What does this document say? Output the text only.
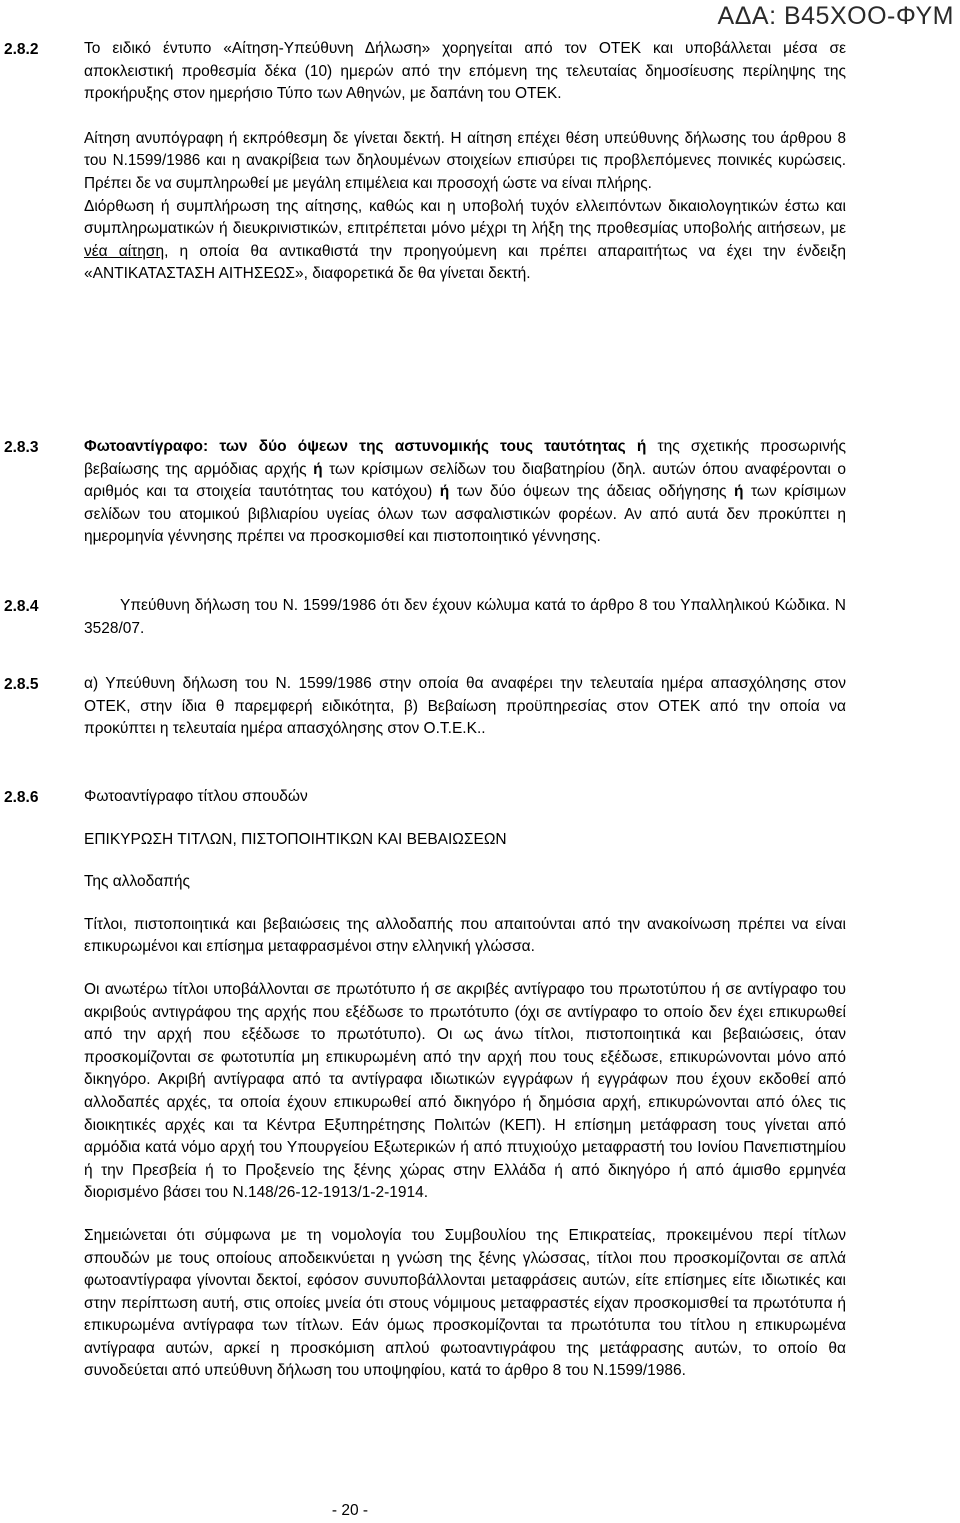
ΑΔΑ: Β45ΧΟΟ-ΦΥΜ
2.8.2	Το ειδικό έντυπο «Αίτηση-Υπεύθυνη Δήλωση» χορηγείται από τον ΟΤΕΚ και υποβάλλεται μέσα σε αποκλειστική προθεσμία δέκα (10) ημερών από την επόμενη της τελευταίας δημοσίευσης περίληψης της προκήρυξης στον ημερήσιο Τύπο των Αθηνών, με δαπάνη του ΟΤΕΚ.

Αίτηση ανυπόγραφη ή εκπρόθεσμη δε γίνεται δεκτή. Η αίτηση επέχει θέση υπεύθυνης δήλωσης του άρθρου 8 του Ν.1599/1986 και η ανακρίβεια των δηλουμένων στοιχείων επισύρει τις προβλεπόμενες ποινικές κυρώσεις. Πρέπει δε να συμπληρωθεί με μεγάλη επιμέλεια και προσοχή ώστε να είναι πλήρης.

Διόρθωση ή συμπλήρωση της αίτησης, καθώς και η υποβολή τυχόν ελλειπόντων δικαιολογητικών έστω και συμπληρωματικών ή διευκρινιστικών, επιτρέπεται μόνο μέχρι τη λήξη της προθεσμίας υποβολής αιτήσεων, με νέα αίτηση, η οποία θα αντικαθιστά την προηγούμενη και πρέπει απαραιτήτως να έχει την ένδειξη «ΑΝΤΙΚΑΤΑΣΤΑΣΗ ΑΙΤΗΣΕΩΣ», διαφορετικά δε θα γίνεται δεκτή.

2.8.3	Φωτοαντίγραφο: των δύο όψεων της αστυνομικής τους ταυτότητας ή της σχετικής προσωρινής βεβαίωσης της αρμόδιας αρχής ή των κρίσιμων σελίδων του διαβατηρίου (δηλ. αυτών όπου αναφέρονται ο αριθμός και τα στοιχεία ταυτότητας του κατόχου) ή των δύο όψεων της άδειας οδήγησης ή των κρίσιμων σελίδων του ατομικού βιβλιαρίου υγείας όλων των ασφαλιστικών φορέων. Αν από αυτά δεν προκύπτει η ημερομηνία γέννησης πρέπει να προσκομισθεί και πιστοποιητικό γέννησης.

2.8.4	Υπεύθυνη δήλωση του Ν. 1599/1986 ότι δεν έχουν κώλυμα κατά το άρθρο 8 του Υπαλληλικού Κώδικα. Ν 3528/07.

2.8.5	α) Υπεύθυνη δήλωση του Ν. 1599/1986 στην οποία θα αναφέρει την τελευταία ημέρα απασχόλησης στον ΟΤΕΚ, στην ίδια θ παρεμφερή ειδικότητα, β) Βεβαίωση προϋπηρεσίας στον ΟΤΕΚ από την οποία να προκύπτει η τελευταία ημέρα απασχόλησης στον Ο.Τ.Ε.Κ..

2.8.6	Φωτοαντίγραφο τίτλου σπουδών

ΕΠΙΚΥΡΩΣΗ ΤΙΤΛΩΝ, ΠΙΣΤΟΠΟΙΗΤΙΚΩΝ ΚΑΙ ΒΕΒΑΙΩΣΕΩΝ

Της αλλοδαπής

Τίτλοι, πιστοποιητικά και βεβαιώσεις της αλλοδαπής που απαιτούνται από την ανακοίνωση πρέπει να είναι επικυρωμένοι και επίσημα μεταφρασμένοι στην ελληνική γλώσσα.

Οι ανωτέρω τίτλοι υποβάλλονται σε πρωτότυπο ή σε ακριβές αντίγραφο του πρωτοτύπου ή σε αντίγραφο του ακριβούς αντιγράφου της αρχής που εξέδωσε το πρωτότυπο (όχι σε αντίγραφο το οποίο δεν έχει επικυρωθεί από την αρχή που εξέδωσε το πρωτότυπο). Οι ως άνω τίτλοι, πιστοποιητικά και βεβαιώσεις, όταν προσκομίζονται σε φωτοτυπία μη επικυρωμένη από την αρχή που τους εξέδωσε, επικυρώνονται μόνο από δικηγόρο. Ακριβή αντίγραφα από τα αντίγραφα ιδιωτικών εγγράφων ή εγγράφων που έχουν εκδοθεί από αλλοδαπές αρχές, τα οποία έχουν επικυρωθεί από δικηγόρο ή δημόσια αρχή, επικυρώνονται από όλες τις διοικητικές αρχές και τα Κέντρα Εξυπηρέτησης Πολιτών (ΚΕΠ). Η επίσημη μετάφραση τους γίνεται από αρμόδια κατά νόμο αρχή του Υπουργείου Εξωτερικών ή από πτυχιούχο μεταφραστή του Ιονίου Πανεπιστημίου ή την Πρεσβεία ή το Προξενείο της ξένης χώρας στην Ελλάδα ή από δικηγόρο ή από άμισθο ερμηνέα διορισμένο βάσει του Ν.148/26-12-1913/1-2-1914.

Σημειώνεται ότι σύμφωνα με τη νομολογία του Συμβουλίου της Επικρατείας, προκειμένου περί τίτλων σπουδών με τους οποίους αποδεικνύεται η γνώση της ξένης γλώσσας, τίτλοι που προσκομίζονται σε απλά φωτοαντίγραφα γίνονται δεκτοί, εφόσον συνυποβάλλονται μεταφράσεις αυτών, είτε επίσημες είτε ιδιωτικές και στην περίπτωση αυτή, στις οποίες μνεία ότι στους νόμιμους μεταφραστές είχαν προσκομισθεί τα πρωτότυπα ή επικυρωμένα αντίγραφα των τίτλων. Εάν όμως προσκομίζονται τα πρωτότυπα του τίτλου η επικυρωμένα αντίγραφα αυτών, αρκεί η προσκόμιση απλού φωτοαντιγράφου της μετάφρασης αυτών, το οποίο θα συνοδεύεται από υπεύθυνη δήλωση του υποψηφίου, κατά το άρθρο 8 του Ν.1599/1986.

- 20 -
